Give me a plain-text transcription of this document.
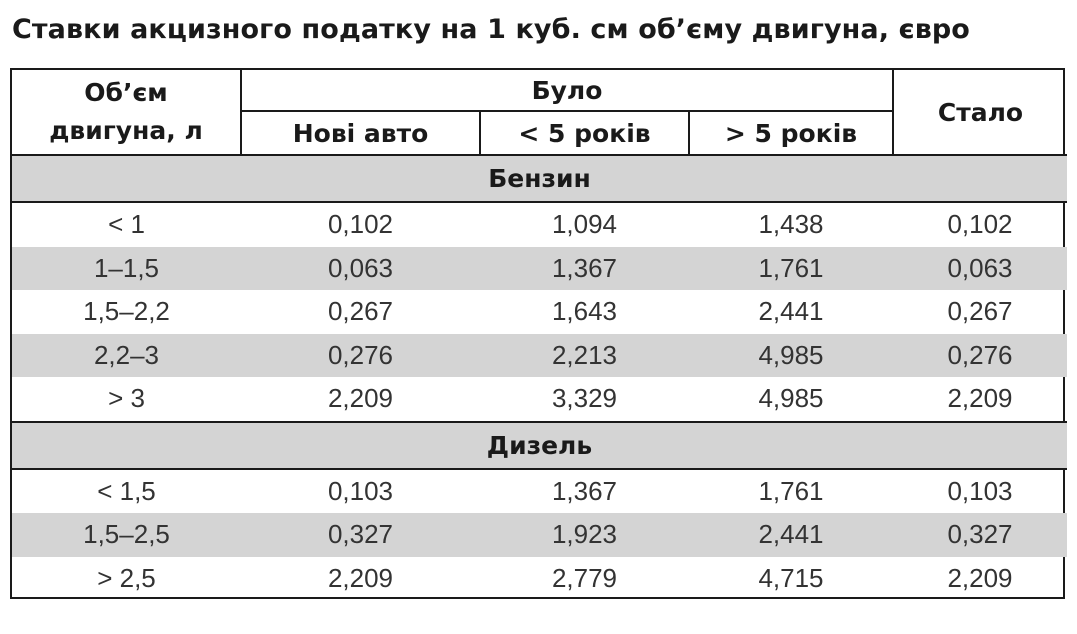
Ставки акцизного податку на 1 куб. см об’єму двигуна, євро
Об’єм
двигуна, л	Було			Стало
	Нові авто	< 5 років	> 5 років	
Бензин				
< 1	0,102	1,094	1,438	0,102
1–1,5	0,063	1,367	1,761	0,063
1,5–2,2	0,267	1,643	2,441	0,267
2,2–3	0,276	2,213	4,985	0,276
> 3	2,209	3,329	4,985	2,209
Дизель				
< 1,5	0,103	1,367	1,761	0,103
1,5–2,5	0,327	1,923	2,441	0,327
> 2,5	2,209	2,779	4,715	2,209
